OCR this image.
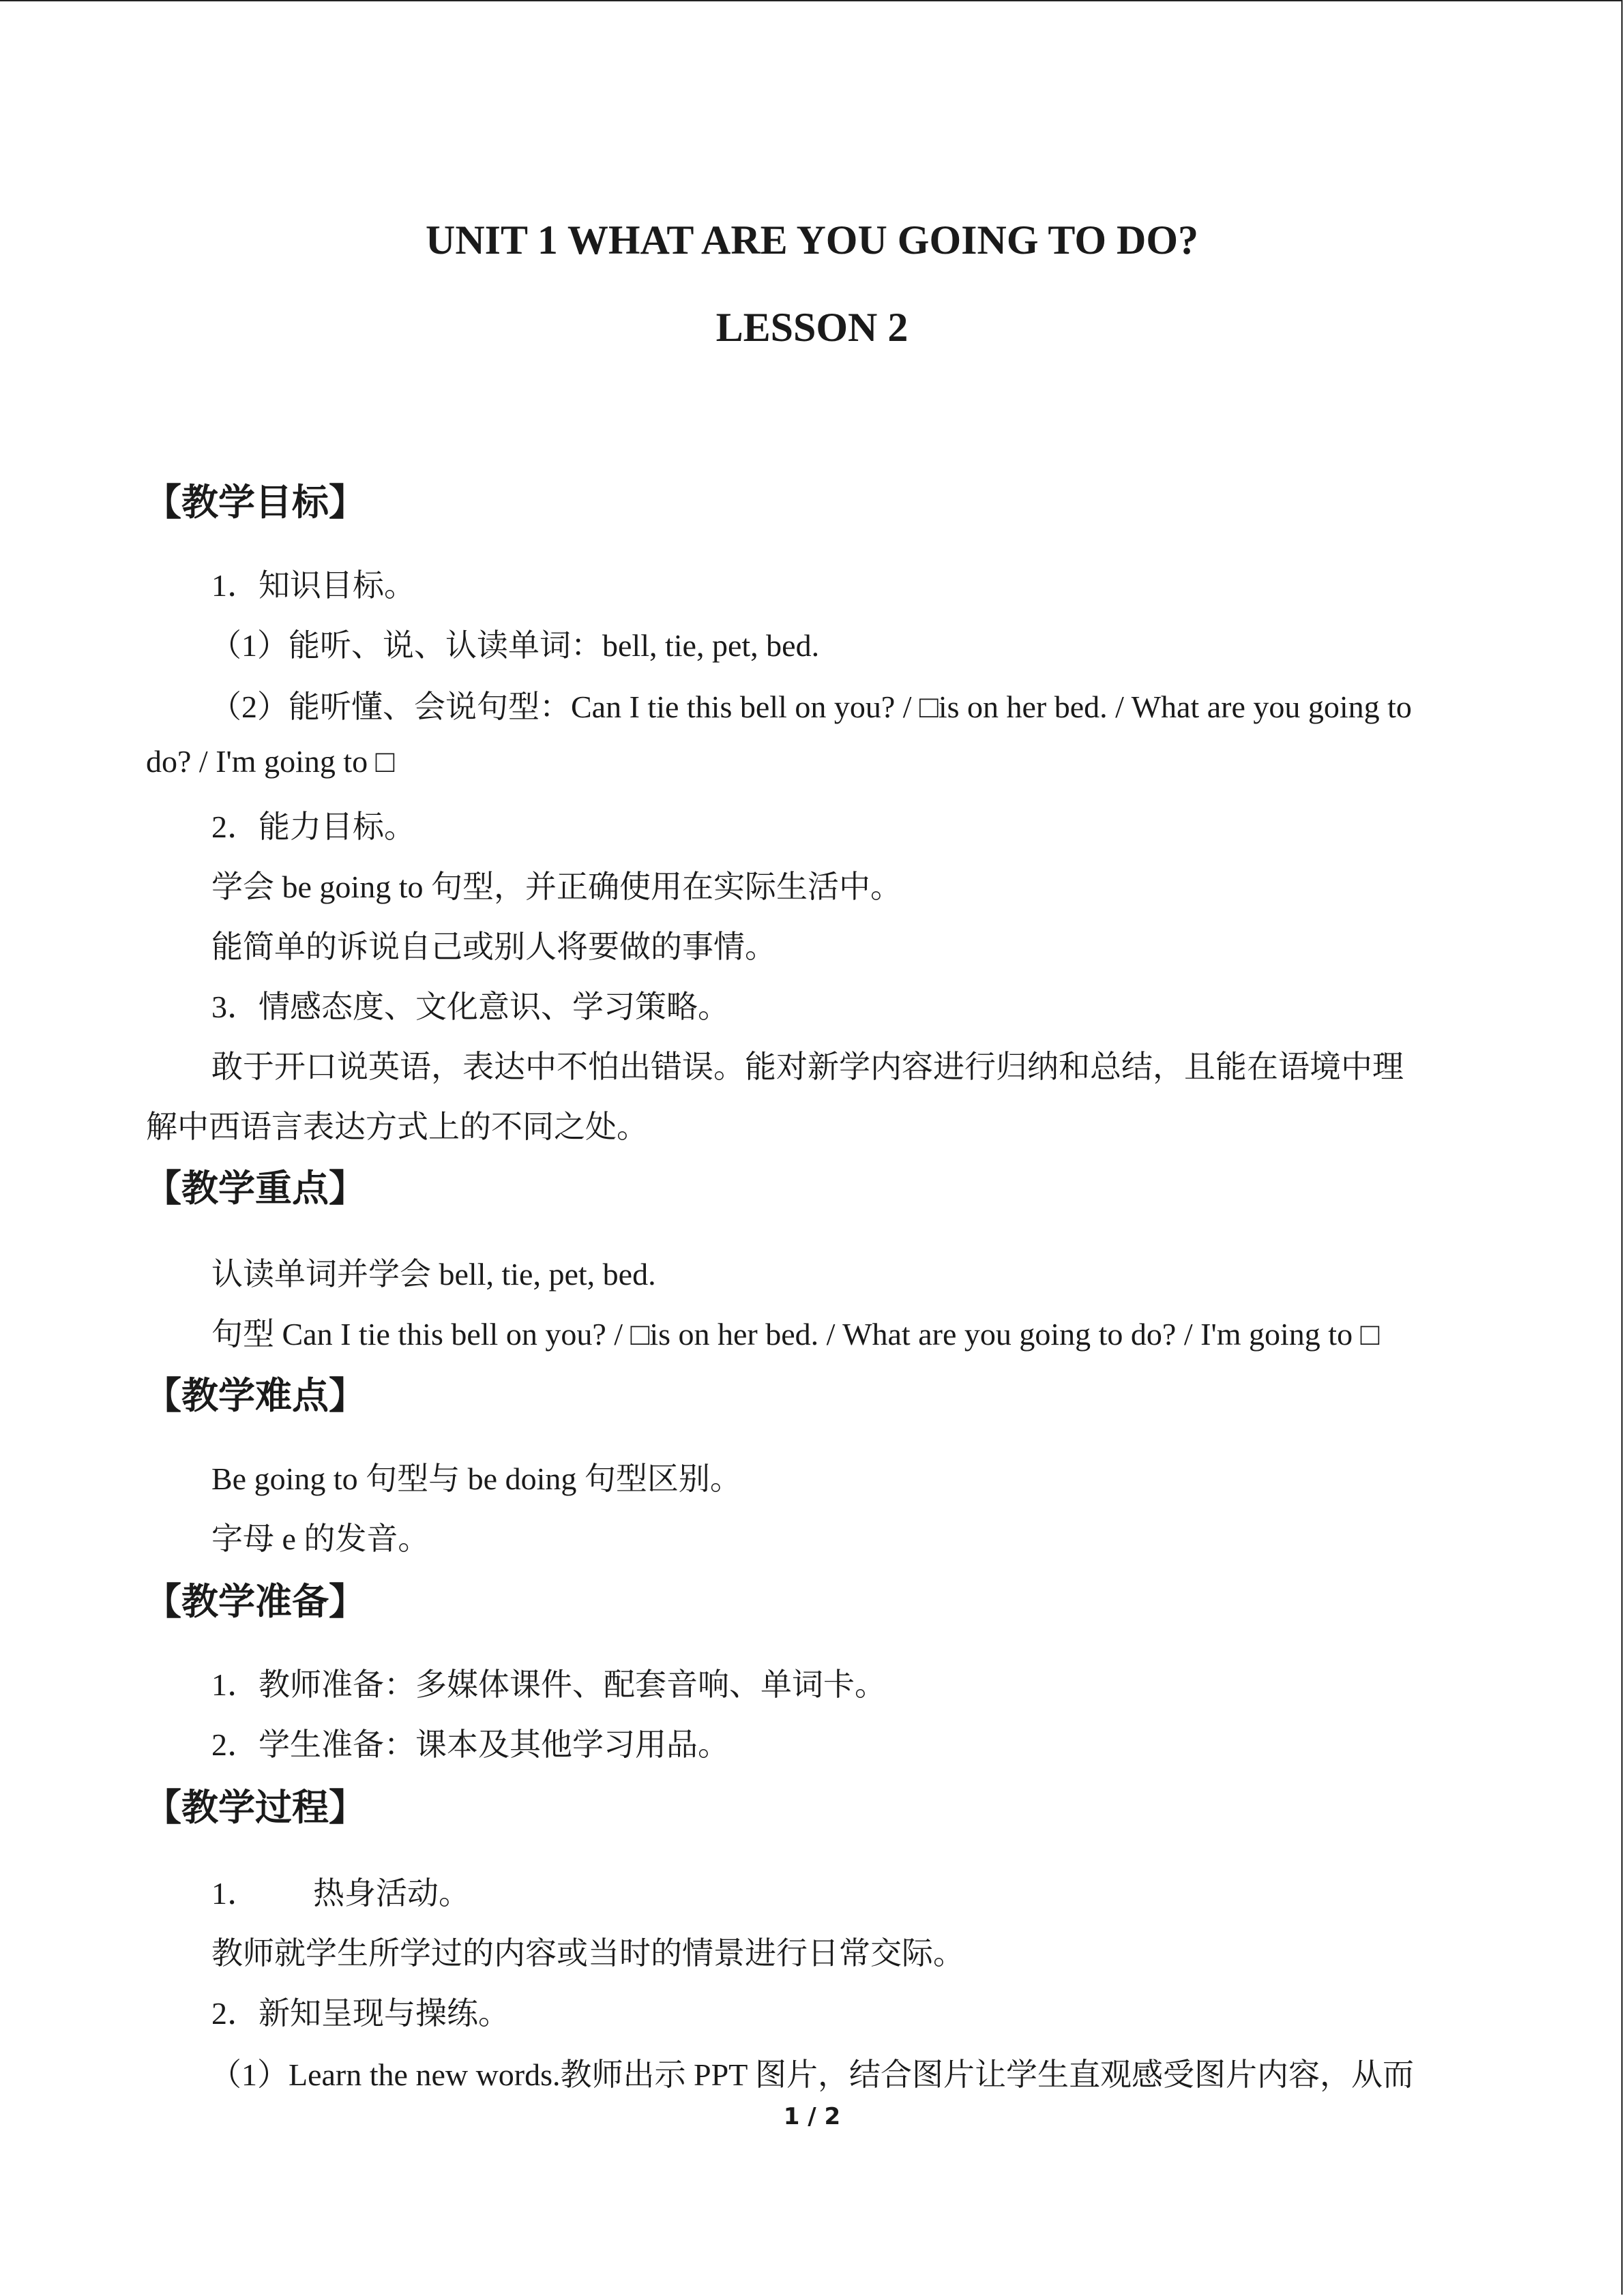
UNIT 1 WHAT ARE YOU GOING TO DO?
LESSON 2
【教学目标】
1．知识目标。
（1）能听、说、认读单词：bell, tie, pet, bed.
（2）能听懂、会说句型：Can I tie this bell on you? / □is on her bed. / What are you going to
do? / I'm going to □
2．能力目标。
学会 be going to 句型，并正确使用在实际生活中。
能简单的诉说自己或别人将要做的事情。
3．情感态度、文化意识、学习策略。
敢于开口说英语，表达中不怕出错误。能对新学内容进行归纳和总结，且能在语境中理
解中西语言表达方式上的不同之处。
【教学重点】
认读单词并学会 bell, tie, pet, bed.
句型 Can I tie this bell on you? / □is on her bed. / What are you going to do? / I'm going to □
【教学难点】
Be going to 句型与 be doing 句型区别。
字母 e 的发音。
【教学准备】
1．教师准备：多媒体课件、配套音响、单词卡。
2．学生准备：课本及其他学习用品。
【教学过程】
1． 热身活动。
教师就学生所学过的内容或当时的情景进行日常交际。
2．新知呈现与操练。
（1）Learn the new words.教师出示 PPT 图片，结合图片让学生直观感受图片内容，从而
1 / 2
